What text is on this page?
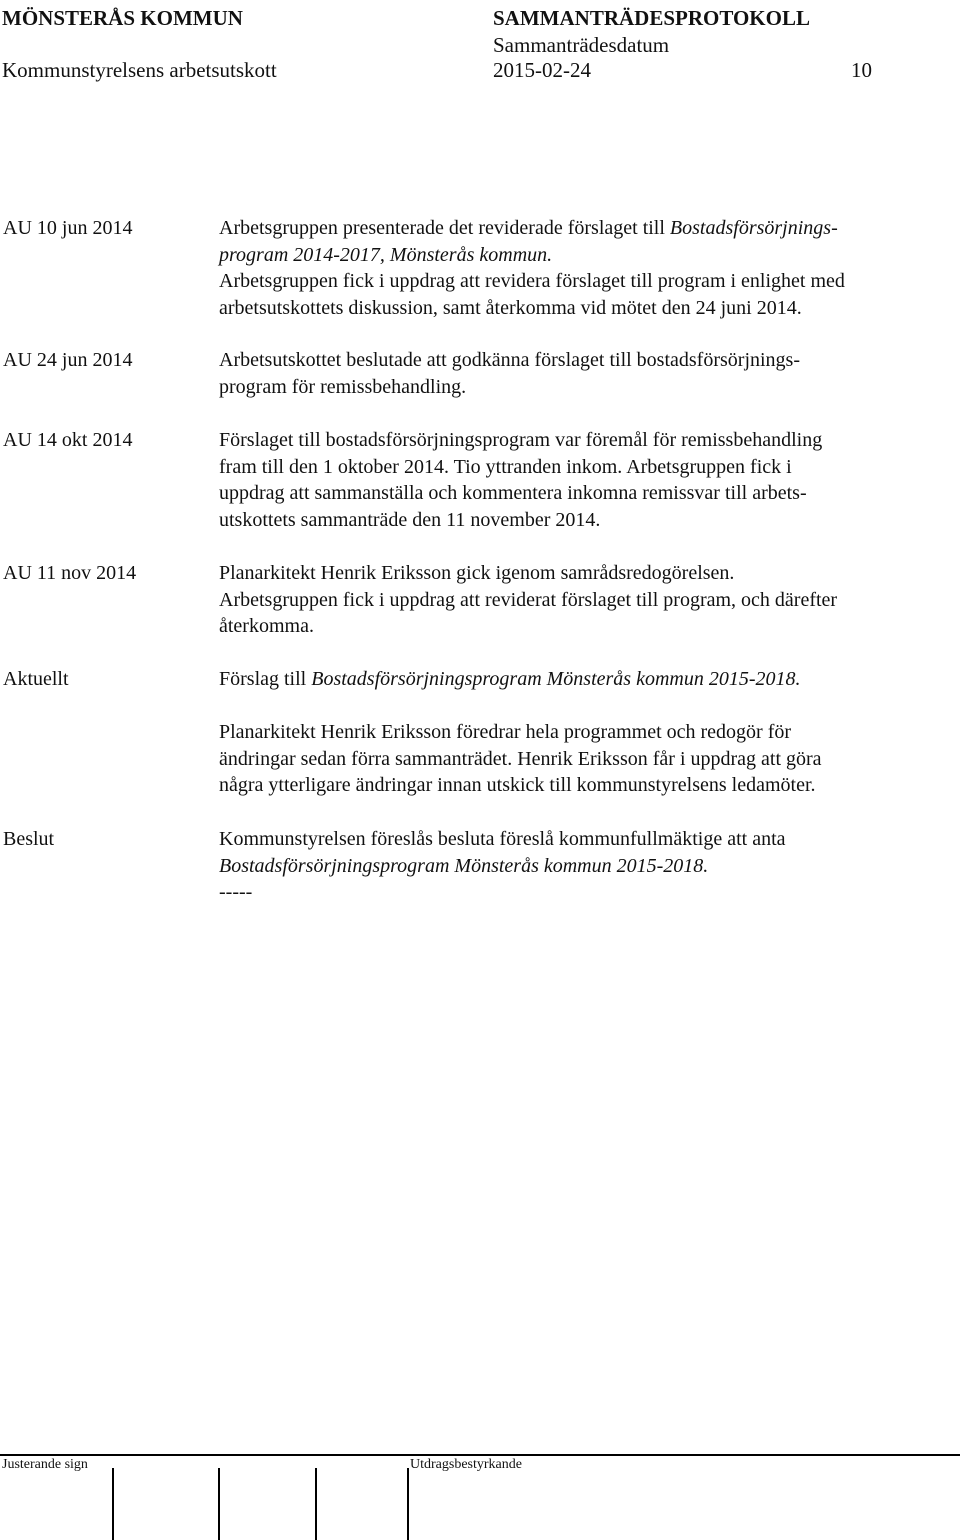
MÖNSTERÅS KOMMUN	SAMMANTRÄDESPROTOKOLL
Sammanträdesdatum
Kommunstyrelsens arbetsutskott	2015-02-24	10
AU 10 jun 2014	Arbetsgruppen presenterade det reviderade förslaget till Bostadsförsörjnings-
program 2014-2017, Mönsterås kommun.
Arbetsgruppen fick i uppdrag att revidera förslaget till program i enlighet med
arbetsutskottets diskussion, samt återkomma vid mötet den 24 juni 2014.
AU 24 jun 2014	Arbetsutskottet beslutade att godkänna förslaget till bostadsförsörjnings-
program för remissbehandling.
AU 14 okt 2014	Förslaget till bostadsförsörjningsprogram var föremål för remissbehandling
fram till den 1 oktober 2014. Tio yttranden inkom. Arbetsgruppen fick i
uppdrag att sammanställa och kommentera inkomna remissvar till arbets-
utskottets sammanträde den 11 november 2014.
AU 11 nov 2014	Planarkitekt Henrik Eriksson gick igenom samrådsredogörelsen.
Arbetsgruppen fick i uppdrag att reviderat förslaget till program, och därefter
återkomma.
Aktuellt	Förslag till Bostadsförsörjningsprogram Mönsterås kommun 2015-2018.
Planarkitekt Henrik Eriksson föredrar hela programmet och redogör för
ändringar sedan förra sammanträdet. Henrik Eriksson får i uppdrag att göra
några ytterligare ändringar innan utskick till kommunstyrelsens ledamöter.
Beslut	Kommunstyrelsen föreslås besluta föreslå kommunfullmäktige att anta
Bostadsförsörjningsprogram Mönsterås kommun 2015-2018.
-----
Justerande sign	Utdragsbestyrkande
